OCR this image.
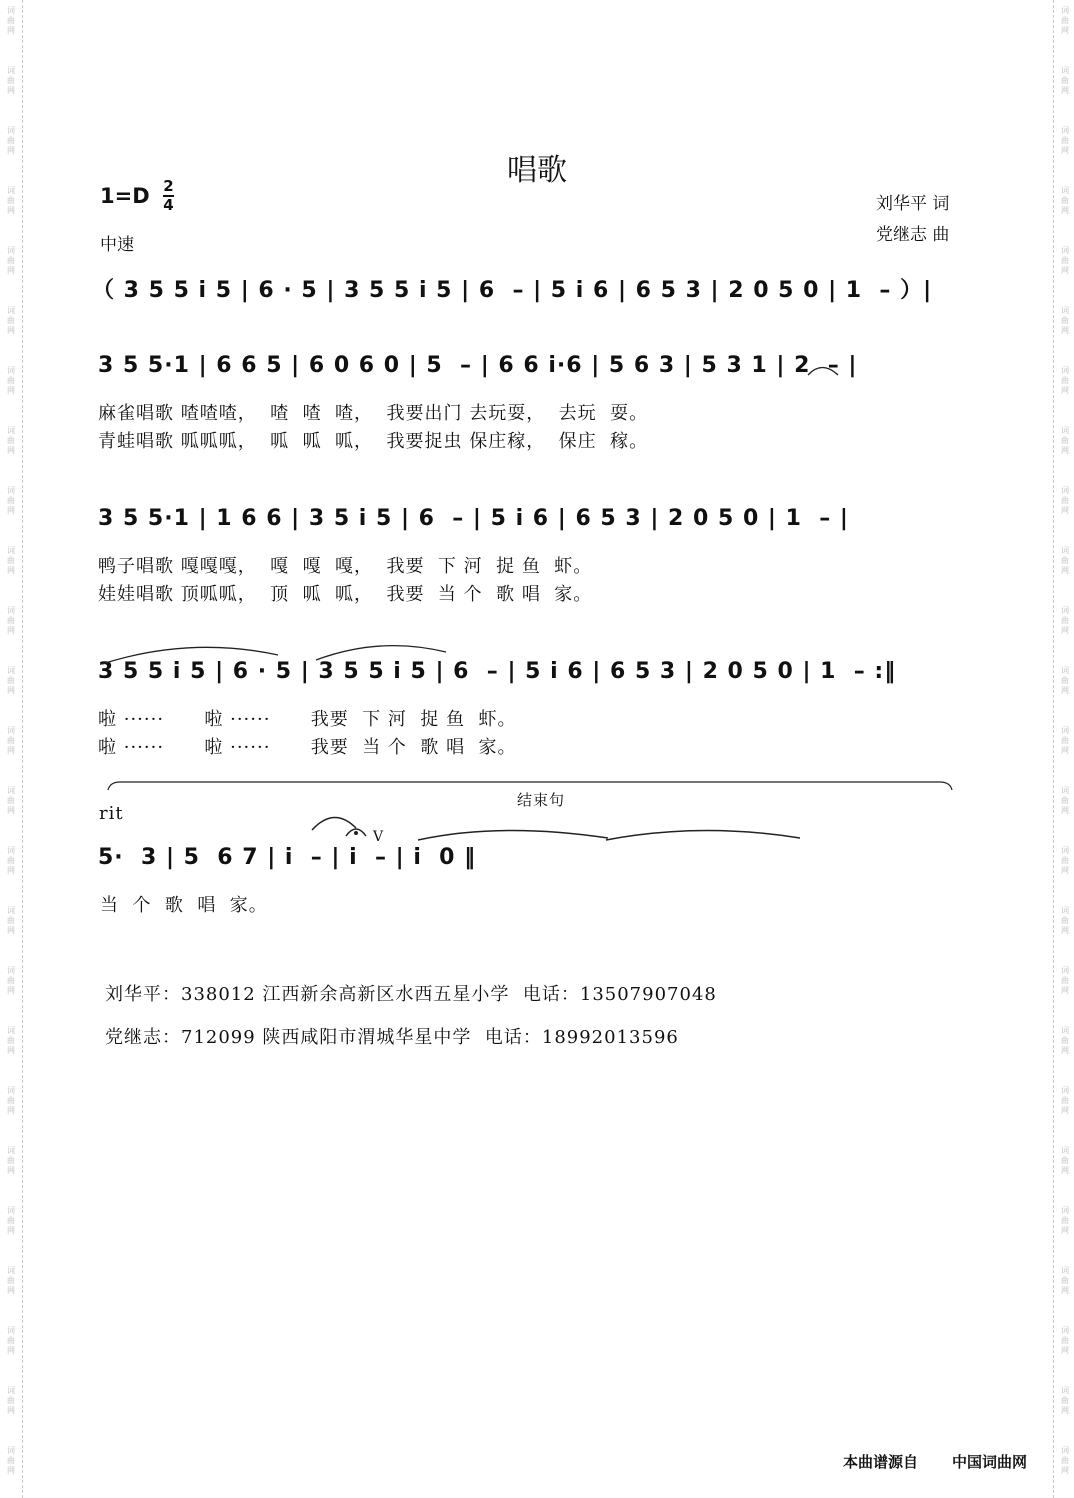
词
曲
网
词
曲
网
词
曲
网
词
曲
网
词
曲
网
词
曲
网
词
曲
网
词
曲
网
词
曲
网
词
曲
网
词
曲
网
词
曲
网
词
曲
网
词
曲
网
词
曲
网
词
曲
网
词
曲
网
词
曲
网
词
曲
网
词
曲
网
词
曲
网
词
曲
网
词
曲
网
词
曲
网
词
曲
网
词
曲
网
词
曲
网
词
曲
网
词
曲
网
词
曲
网
词
曲
网
词
曲
网
词
曲
网
词
曲
网
词
曲
网
词
曲
网
词
曲
网
词
曲
网
词
曲
网
词
曲
网
词
曲
网
词
曲
网
词
曲
网
词
曲
网
词
曲
网
词
曲
网
词
曲
网
词
曲
网
词
曲
网
词
曲
网
唱歌
1=D 2
4
中速
刘华平 词
党继志 曲
（ 3 5 5 i 5 | 6 · 5 | 3 5 5 i 5 | 6  – | 5 i 6 | 6 5 3 | 2 0 5 0 | 1  – ）|
3 5 5·1 | 6 6 5 | 6 0 6 0 | 5  – | 6 6 i·6 | 5 6 3 | 5 3 1 | 2  – |
麻雀唱歌 喳喳喳，  喳  喳  喳，  我要出门 去玩耍，  去玩  耍。
青蛙唱歌 呱呱呱，  呱  呱  呱，  我要捉虫 保庄稼，  保庄  稼。
3 5 5·1 | 1 6 6 | 3 5 i 5 | 6  – | 5 i 6 | 6 5 3 | 2 0 5 0 | 1  – |
鸭子唱歌 嘎嘎嘎，  嘎  嘎  嘎，  我要  下 河  捉 鱼  虾。
娃娃唱歌 顶呱呱，  顶  呱  呱，  我要  当 个  歌 唱  家。
3 5 5 i 5 | 6 · 5 | 3 5 5 i 5 | 6  – | 5 i 6 | 6 5 3 | 2 0 5 0 | 1  – :‖
啦 ······      啦 ······      我要  下 河  捉 鱼  虾。
啦 ······      啦 ······      我要  当 个  歌 唱  家。
结束句
rit
V
5·  3 | 5  6 7 | i  – | i  – | i  0 ‖
当  个  歌  唱  家。
刘华平：338012 江西新余高新区水西五星小学  电话：13507907048
党继志：712099 陕西咸阳市渭城华星中学  电话：18992013596
本曲谱源自 中国词曲网
